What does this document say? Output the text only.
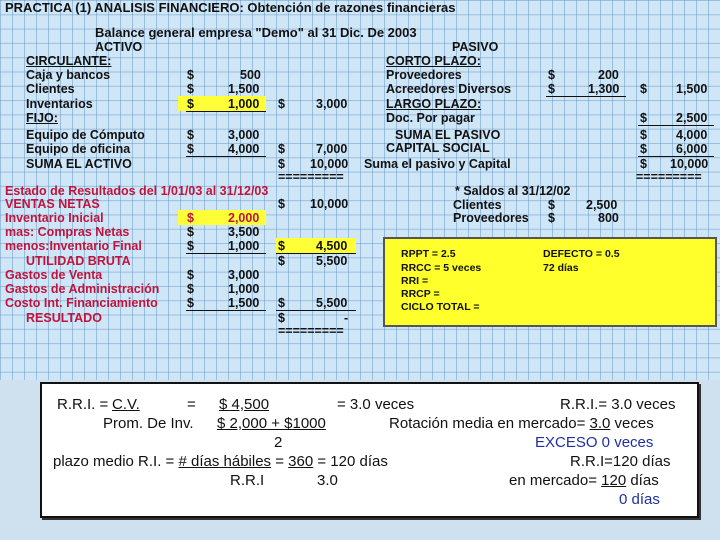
PRACTICA (1) ANALISIS FINANCIERO: Obtención de razones financieras
Balance general empresa "Demo" al 31 Dic. De 2003
ACTIVO	PASIVO
CIRCULANTE:
Caja y bancos	$	500
Clientes	$	1,500
Inventarios	$	1,000 $ 3,000
FIJO:
Equipo de Cómputo	$	3,000
Equipo de oficina	$	4,000 $ 7,000
SUMA EL ACTIVO	$ 10,000
=========
CORTO PLAZO:
Proveedores	$	200
Acreedores Diversos	$	1,300 $ 1,500
LARGO PLAZO:
Doc. Por pagar	$ 2,500
SUMA EL PASIVO	$ 4,000
CAPITAL SOCIAL	$ 6,000
Suma el pasivo y Capital	$ 10,000
=========
Estado de Resultados del 1/01/03 al 31/12/03
VENTAS NETAS	$ 10,000
Inventario Inicial	$	2,000
mas: Compras Netas	$	3,500
menos:Inventario Final	$	1,000 $ 4,500
UTILIDAD BRUTA	$ 5,500
Gastos de Venta	$	3,000
Gastos de Administración $	1,000
Costo Int. Financiamiento $	1,500 $ 5,500
RESULTADO	$	-
=========
* Saldos al 31/12/02
Clientes	$ 2,500
Proveedores $	800
RPPT = 2.5	DEFECTO = 0.5
RRCC = 5 veces	72 días
RRI =
RRCP =
CICLO TOTAL =
R.R.I. = C.V.	= $ 4,500	= 3.0 veces	R.R.I.= 3.0 veces
Prom. De Inv. $ 2,000 + $1000	Rotación media en mercado= 3.0 veces
2	EXCESO 0 veces
plazo medio R.I. = # días hábiles = 360 = 120 días	R.R.I=120 días
R.R.I	3.0	en mercado= 120 días
0 días
